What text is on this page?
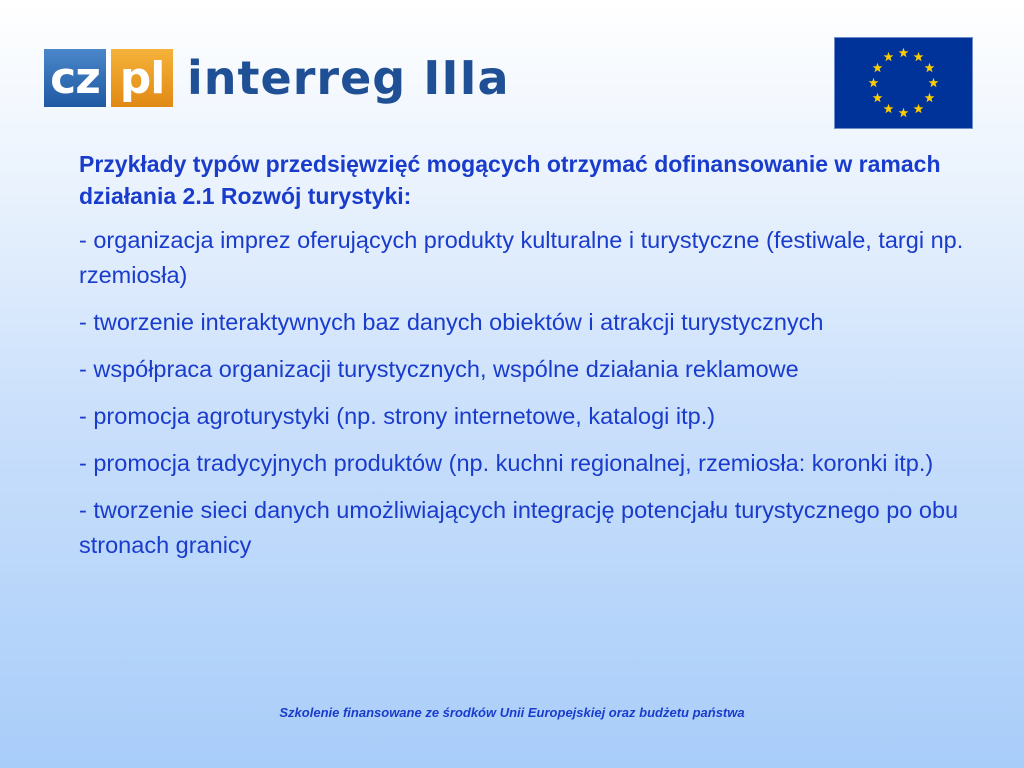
cz pl interreg IIIa
Przykłady typów przedsięwzięć mogących otrzymać dofinansowanie w ramach działania 2.1 Rozwój turystyki:
- organizacja imprez oferujących produkty kulturalne i turystyczne (festiwale, targi np. rzemiosła)
- tworzenie interaktywnych baz danych obiektów i atrakcji turystycznych
- współpraca organizacji turystycznych, wspólne działania reklamowe
- promocja agroturystyki (np. strony internetowe, katalogi itp.)
- promocja tradycyjnych produktów (np. kuchni regionalnej, rzemiosła: koronki itp.)
- tworzenie sieci danych umożliwiających integrację potencjału turystycznego po obu stronach granicy
Szkolenie finansowane ze środków Unii Europejskiej oraz budżetu państwa
